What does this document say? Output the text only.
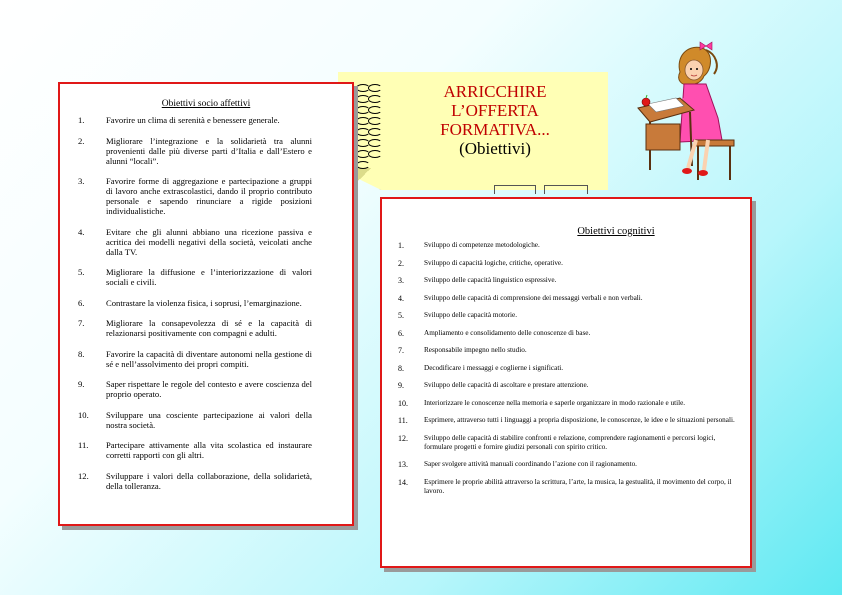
ARRICCHIRE
L’OFFERTA
FORMATIVA...
(Obiettivi)
Obiettivi socio affettivi
1.	Favorire un clima di serenità e benessere generale.
2.	Migliorare l’integrazione e la solidarietà tra alunni provenienti dalle più diverse parti d’Italia e dall’Estero e alunni “locali”.
3.	Favorire forme di aggregazione e partecipazione a gruppi di lavoro anche extrascolastici, dando il proprio contributo personale e sapendo rinunciare a rigide posizioni individualistiche.
4.	Evitare che gli alunni abbiano una ricezione passiva e acritica dei modelli negativi della società, veicolati anche dalla TV.
5.	Migliorare la diffusione e l’interiorizzazione di valori sociali e civili.
6.	Contrastare la violenza fisica, i soprusi, l’emarginazione.
7.	Migliorare la consapevolezza di sé e la capacità di relazionarsi positivamente con compagni e adulti.
8.	Favorire la capacità di diventare autonomi nella gestione di sé e nell’assolvimento dei propri compiti.
9.	Saper rispettare le regole del contesto e avere coscienza del proprio operato.
10.	Sviluppare una cosciente partecipazione ai valori della nostra società.
11.	Partecipare attivamente alla vita scolastica ed instaurare corretti rapporti con gli altri.
12.	Sviluppare i valori della collaborazione, della solidarietà, della tolleranza.
Obiettivi cognitivi
1.	Sviluppo di competenze metodologiche.
2.	Sviluppo di capacità logiche, critiche, operative.
3.	Sviluppo delle capacità linguistico espressive.
4.	Sviluppo delle capacità di comprensione dei messaggi verbali e non verbali.
5.	Sviluppo delle capacità motorie.
6.	Ampliamento e consolidamento delle conoscenze di base.
7.	Responsabile impegno nello studio.
8.	Decodificare i messaggi e coglierne i significati.
9.	Sviluppo delle capacità di ascoltare e prestare attenzione.
10.	Interiorizzare le conoscenze nella memoria e saperle organizzare in modo razionale e utile.
11.	Esprimere, attraverso tutti i linguaggi a propria disposizione, le conoscenze, le idee e le situazioni personali.
12.	Sviluppo delle capacità di stabilire confronti e relazione, comprendere ragionamenti e percorsi logici, formulare progetti e fornire giudizi personali con spirito critico.
13.	Saper svolgere attività manuali coordinando l’azione con il ragionamento.
14.	Esprimere le proprie abilità attraverso la scrittura, l’arte, la musica, la gestualità, il movimento del corpo, il lavoro.
